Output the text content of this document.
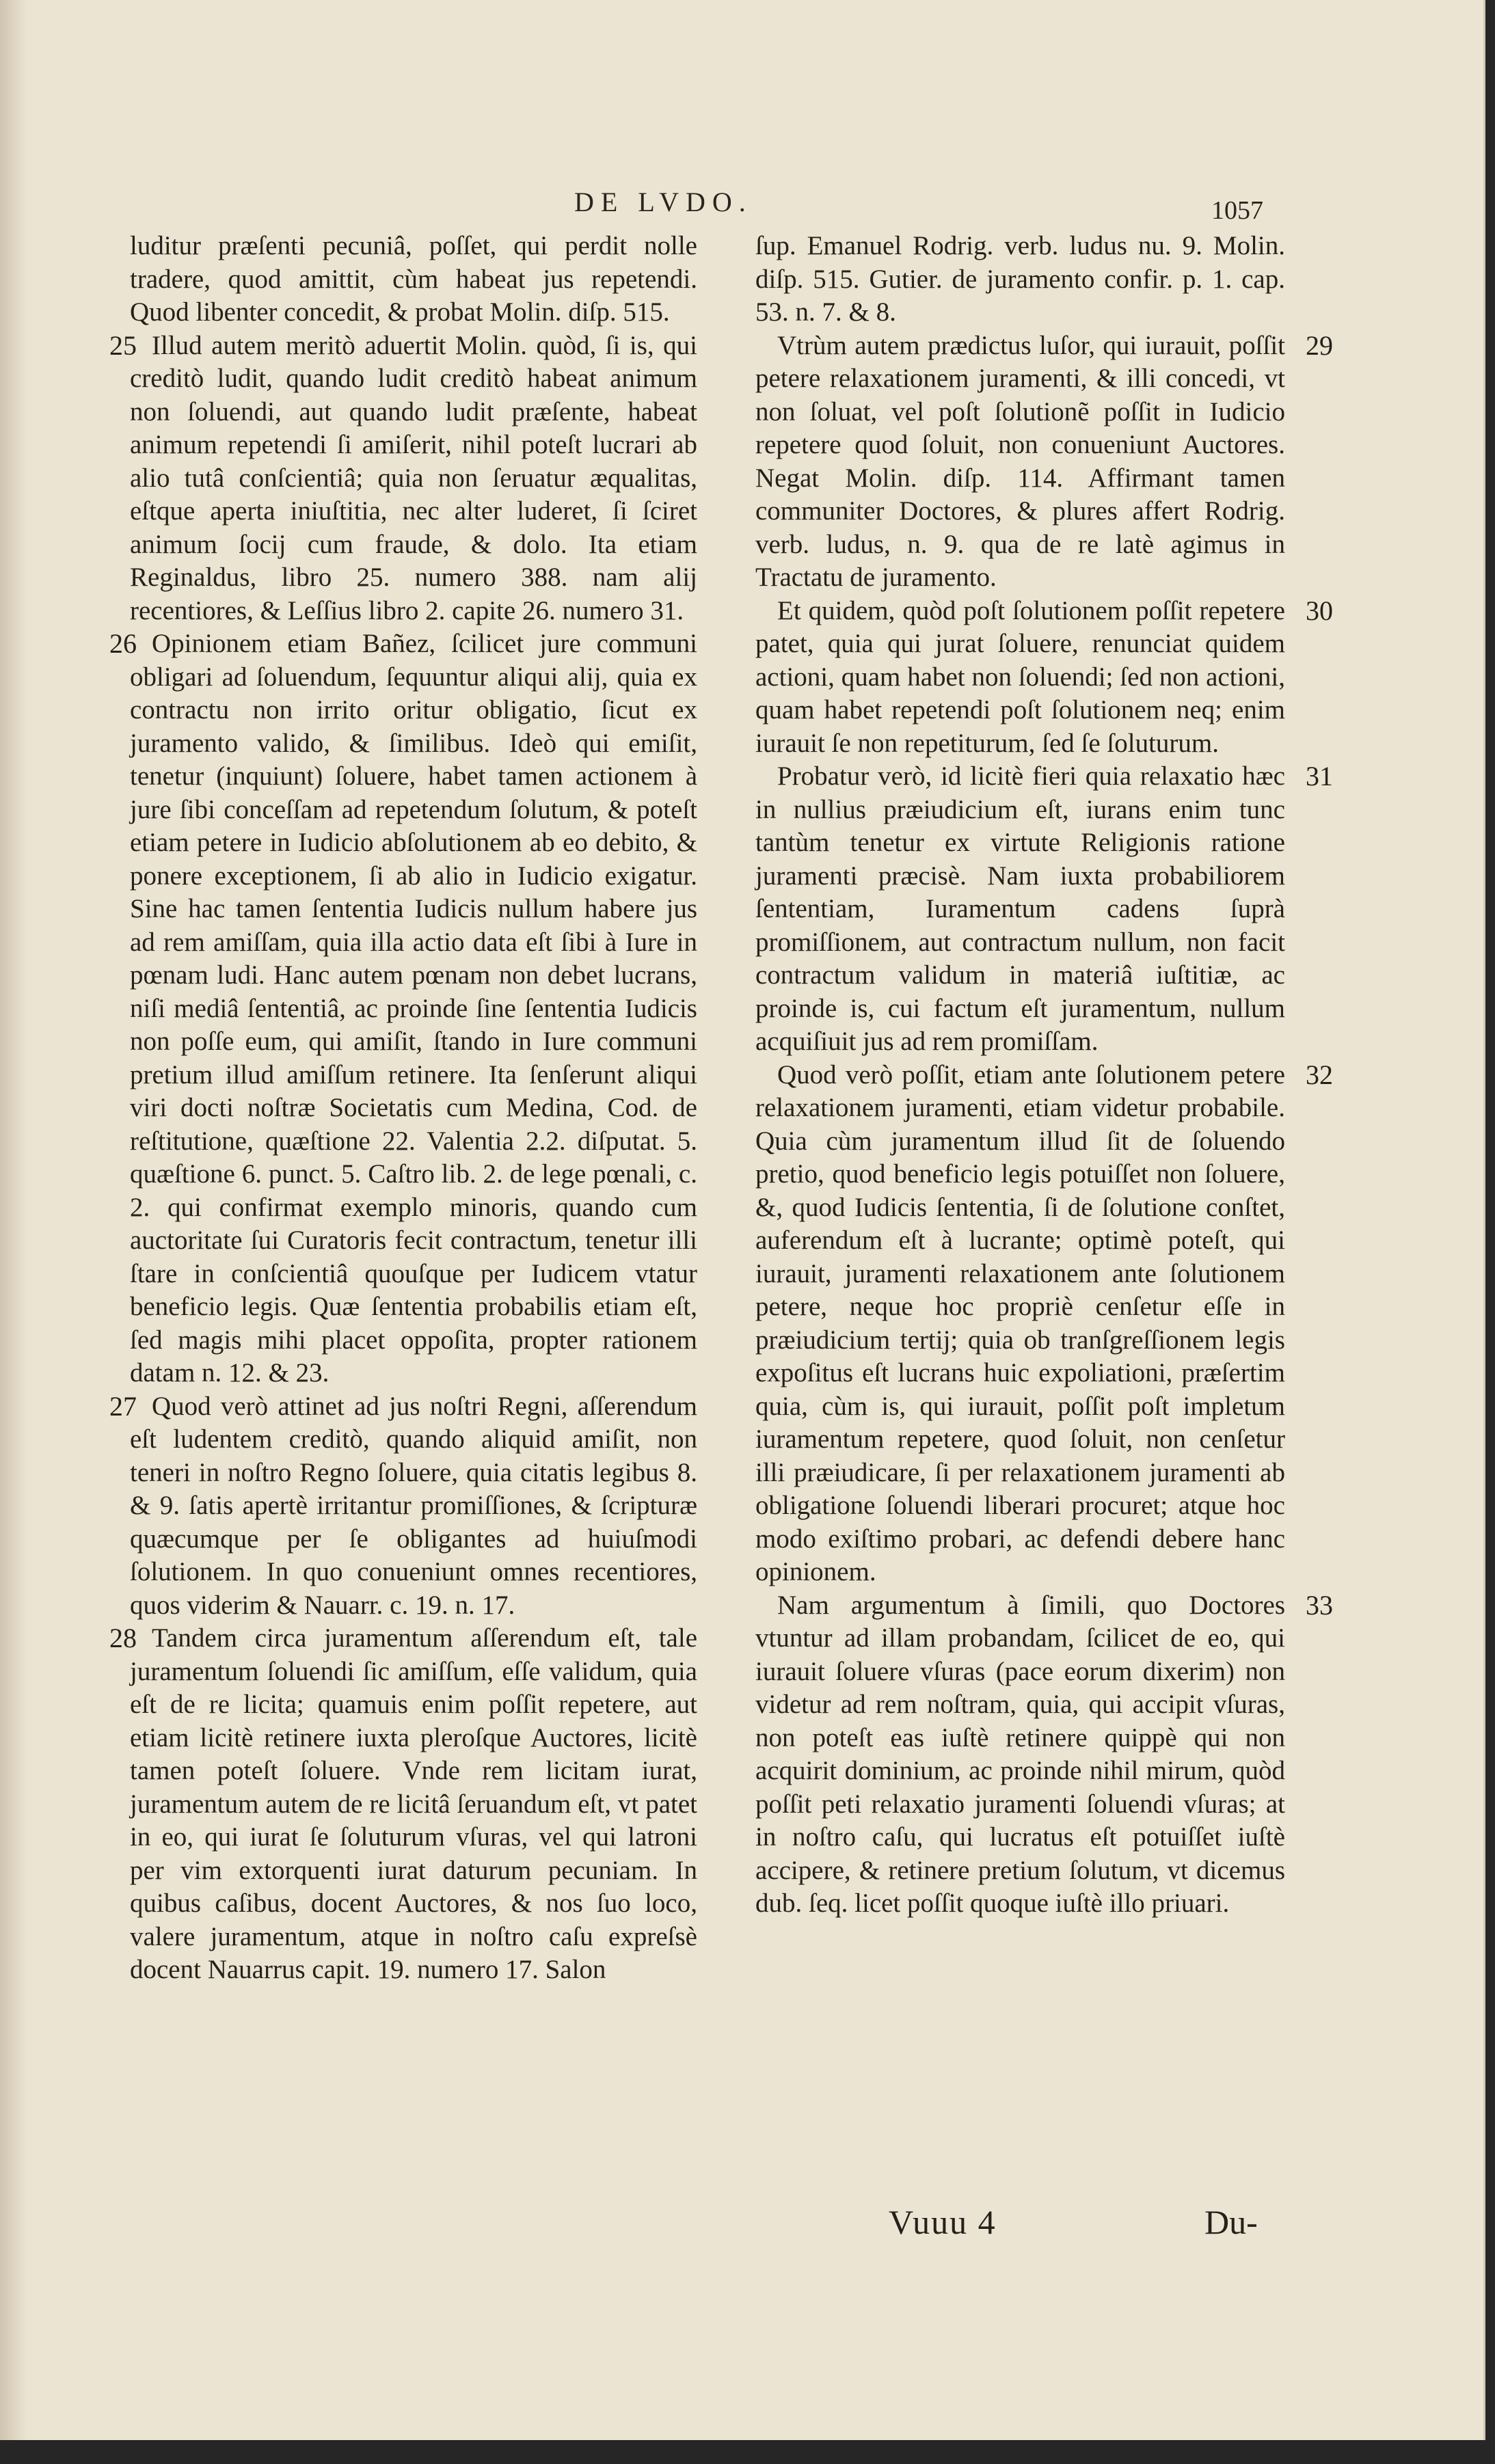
DE LVDO.	1057

luditur præſenti pecuniâ, poſſet, qui perdit nolle tradere, quod amittit, cùm habeat jus repetendi. Quod libenter concedit, & probat Molin. diſp. 515.

25 Illud autem meritò aduertit Molin. quòd, ſi is, qui creditò ludit, quando ludit creditò habeat animum non ſoluendi, aut quando ludit præſente, habeat animum repetendi ſi amiſerit, nihil poteſt lucrari ab alio tutâ conſcientiâ; quia non ſeruatur æqualitas, eſtque aperta iniuſtitia, nec alter luderet, ſi ſciret animum ſocij cum fraude, & dolo. Ita etiam Reginaldus, libro 25. numero 388. nam alij recentiores, & Leſſius libro 2. capite 26. numero 31.

26 Opinionem etiam Bañez, ſcilicet jure communi obligari ad ſoluendum, ſequuntur aliqui alij, quia ex contractu non irrito oritur obligatio, ſicut ex juramento valido, & ſimilibus. Ideò qui emiſit, tenetur (inquiunt) ſoluere, habet tamen actionem à jure ſibi conceſſam ad repetendum ſolutum, & poteſt etiam petere in Iudicio abſolutionem ab eo debito, & ponere exceptionem, ſi ab alio in Iudicio exigatur. Sine hac tamen ſententia Iudicis nullum habere jus ad rem amiſſam, quia illa actio data eſt ſibi à Iure in pœnam ludi. Hanc autem pœnam non debet lucrans, niſi mediâ ſententiâ, ac proinde ſine ſententia Iudicis non poſſe eum, qui amiſit, ſtando in Iure communi pretium illud amiſſum retinere. Ita ſenſerunt aliqui viri docti noſtræ Societatis cum Medina, Cod. de reſtitutione, quæſtione 22. Valentia 2.2. diſputat. 5. quæſtione 6. punct. 5. Caſtro lib. 2. de lege pœnali, c. 2. qui confirmat exemplo minoris, quando cum auctoritate ſui Curatoris fecit contractum, tenetur illi ſtare in conſcientiâ quouſque per Iudicem vtatur beneficio legis. Quæ ſententia probabilis etiam eſt, ſed magis mihi placet oppoſita, propter rationem datam n. 12. & 23.

27 Quod verò attinet ad jus noſtri Regni, aſſerendum eſt ludentem creditò, quando aliquid amiſit, non teneri in noſtro Regno ſoluere, quia citatis legibus 8. & 9. ſatis apertè irritantur promiſſiones, & ſcripturæ quæcumque per ſe obligantes ad huiuſmodi ſolutionem. In quo conueniunt omnes recentiores, quos viderim & Nauarr. c. 19. n. 17.

28 Tandem circa juramentum aſſerendum eſt, tale juramentum ſoluendi ſic amiſſum, eſſe validum, quia eſt de re licita; quamuis enim poſſit repetere, aut etiam licitè retinere iuxta pleroſque Auctores, licitè tamen poteſt ſoluere. Vnde rem licitam iurat, juramentum autem de re licitâ ſeruandum eſt, vt patet in eo, qui iurat ſe ſoluturum vſuras, vel qui latroni per vim extorquenti iurat daturum pecuniam. In quibus caſibus, docent Auctores, & nos ſuo loco, valere juramentum, atque in noſtro caſu expreſsè docent Nauarrus capit. 19. numero 17. Salon

ſup. Emanuel Rodrig. verb. ludus nu. 9. Molin. diſp. 515. Gutier. de juramento confir. p. 1. cap. 53. n. 7. & 8.

29
Vtrùm autem prædictus luſor, qui iurauit, poſſit petere relaxationem juramenti, & illi concedi, vt non ſoluat, vel poſt ſolutionẽ poſſit in Iudicio repetere quod ſoluit, non conueniunt Auctores. Negat Molin. diſp. 114. Affirmant tamen communiter Doctores, & plures affert Rodrig. verb. ludus, n. 9. qua de re latè agimus in Tractatu de juramento.

30
Et quidem, quòd poſt ſolutionem poſſit repetere patet, quia qui jurat ſoluere, renunciat quidem actioni, quam habet non ſoluendi; ſed non actioni, quam habet repetendi poſt ſolutionem neq; enim iurauit ſe non repetiturum, ſed ſe ſoluturum.

31
Probatur verò, id licitè fieri quia relaxatio hæc in nullius præiudicium eſt, iurans enim tunc tantùm tenetur ex virtute Religionis ratione juramenti præcisè. Nam iuxta probabiliorem ſententiam, Iuramentum cadens ſuprà promiſſionem, aut contractum nullum, non facit contractum validum in materiâ iuſtitiæ, ac proinde is, cui factum eſt juramentum, nullum acquiſiuit jus ad rem promiſſam.

32
Quod verò poſſit, etiam ante ſolutionem petere relaxationem juramenti, etiam videtur probabile. Quia cùm juramentum illud ſit de ſoluendo pretio, quod beneficio legis potuiſſet non ſoluere, &, quod Iudicis ſententia, ſi de ſolutione conſtet, auferendum eſt à lucrante; optimè poteſt, qui iurauit, juramenti relaxationem ante ſolutionem petere, neque hoc propriè cenſetur eſſe in præiudicium tertij; quia ob tranſgreſſionem legis expoſitus eſt lucrans huic expoliationi, præſertim quia, cùm is, qui iurauit, poſſit poſt impletum iuramentum repetere, quod ſoluit, non cenſetur illi præiudicare, ſi per relaxationem juramenti ab obligatione ſoluendi liberari procuret; atque hoc modo exiſtimo probari, ac defendi debere hanc opinionem.

33
Nam argumentum à ſimili, quo Doctores vtuntur ad illam probandam, ſcilicet de eo, qui iurauit ſoluere vſuras (pace eorum dixerim) non videtur ad rem noſtram, quia, qui accipit vſuras, non poteſt eas iuſtè retinere quippè qui non acquirit dominium, ac proinde nihil mirum, quòd poſſit peti relaxatio juramenti ſoluendi vſuras; at in noſtro caſu, qui lucratus eſt potuiſſet iuſtè accipere, & retinere pretium ſolutum, vt dicemus dub. ſeq. licet poſſit quoque iuſtè illo priuari.

Vuuu 4	Du-
